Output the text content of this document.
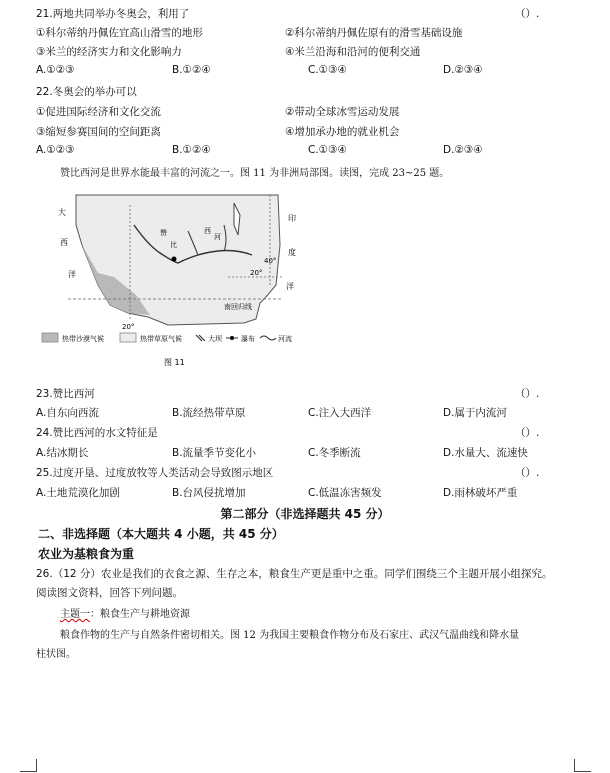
21.两地共同举办冬奥会，利用了	（）.
①科尔蒂纳丹佩佐宜高山滑雪的地形	②科尔蒂纳丹佩佐原有的滑雪基础设施
③米兰的经济实力和文化影响力	④米兰沿海和沿河的便利交通
A.①②③	B.①②④	C.①③④	D.②③④
22.冬奥会的举办可以
①促进国际经济和文化交流	②带动全球冰雪运动发展
③缩短参赛国间的空间距离	④增加承办地的就业机会
A.①②③	B.①②④	C.①③④	D.②③④
赞比西河是世界水能最丰富的河流之一。图 11 为非洲局部图。读图，完成 23~25 题。
大
西
洋
印
度
洋
赞
比
西
河
20°
40°
20°
南回归线
热带沙漠气候	热带草原气候	大坝	瀑布	河流
图 11
23.赞比西河	（）.
A.自东向西流	B.流经热带草原	C.注入大西洋	D.属于内流河
24.赞比西河的水文特征是	（）.
A.结冰期长	B.流量季节变化小	C.冬季断流	D.水量大、流速快
25.过度开垦、过度放牧等人类活动会导致图示地区	（）.
A.土地荒漠化加剧	B.台风侵扰增加	C.低温冻害频发	D.雨林破坏严重
第二部分（非选择题共 45 分）
二、非选择题（本大题共 4 小题，共 45 分）
农业为基粮食为重
26.（12 分）农业是我们的衣食之源、生存之本，粮食生产更是重中之重。同学们围绕三个主题开展小组探究。
阅读图文资料，回答下列问题。
主题一：粮食生产与耕地资源
粮食作物的生产与自然条件密切相关。图 12 为我国主要粮食作物分布及石家庄、武汉气温曲线和降水量
柱状图。
